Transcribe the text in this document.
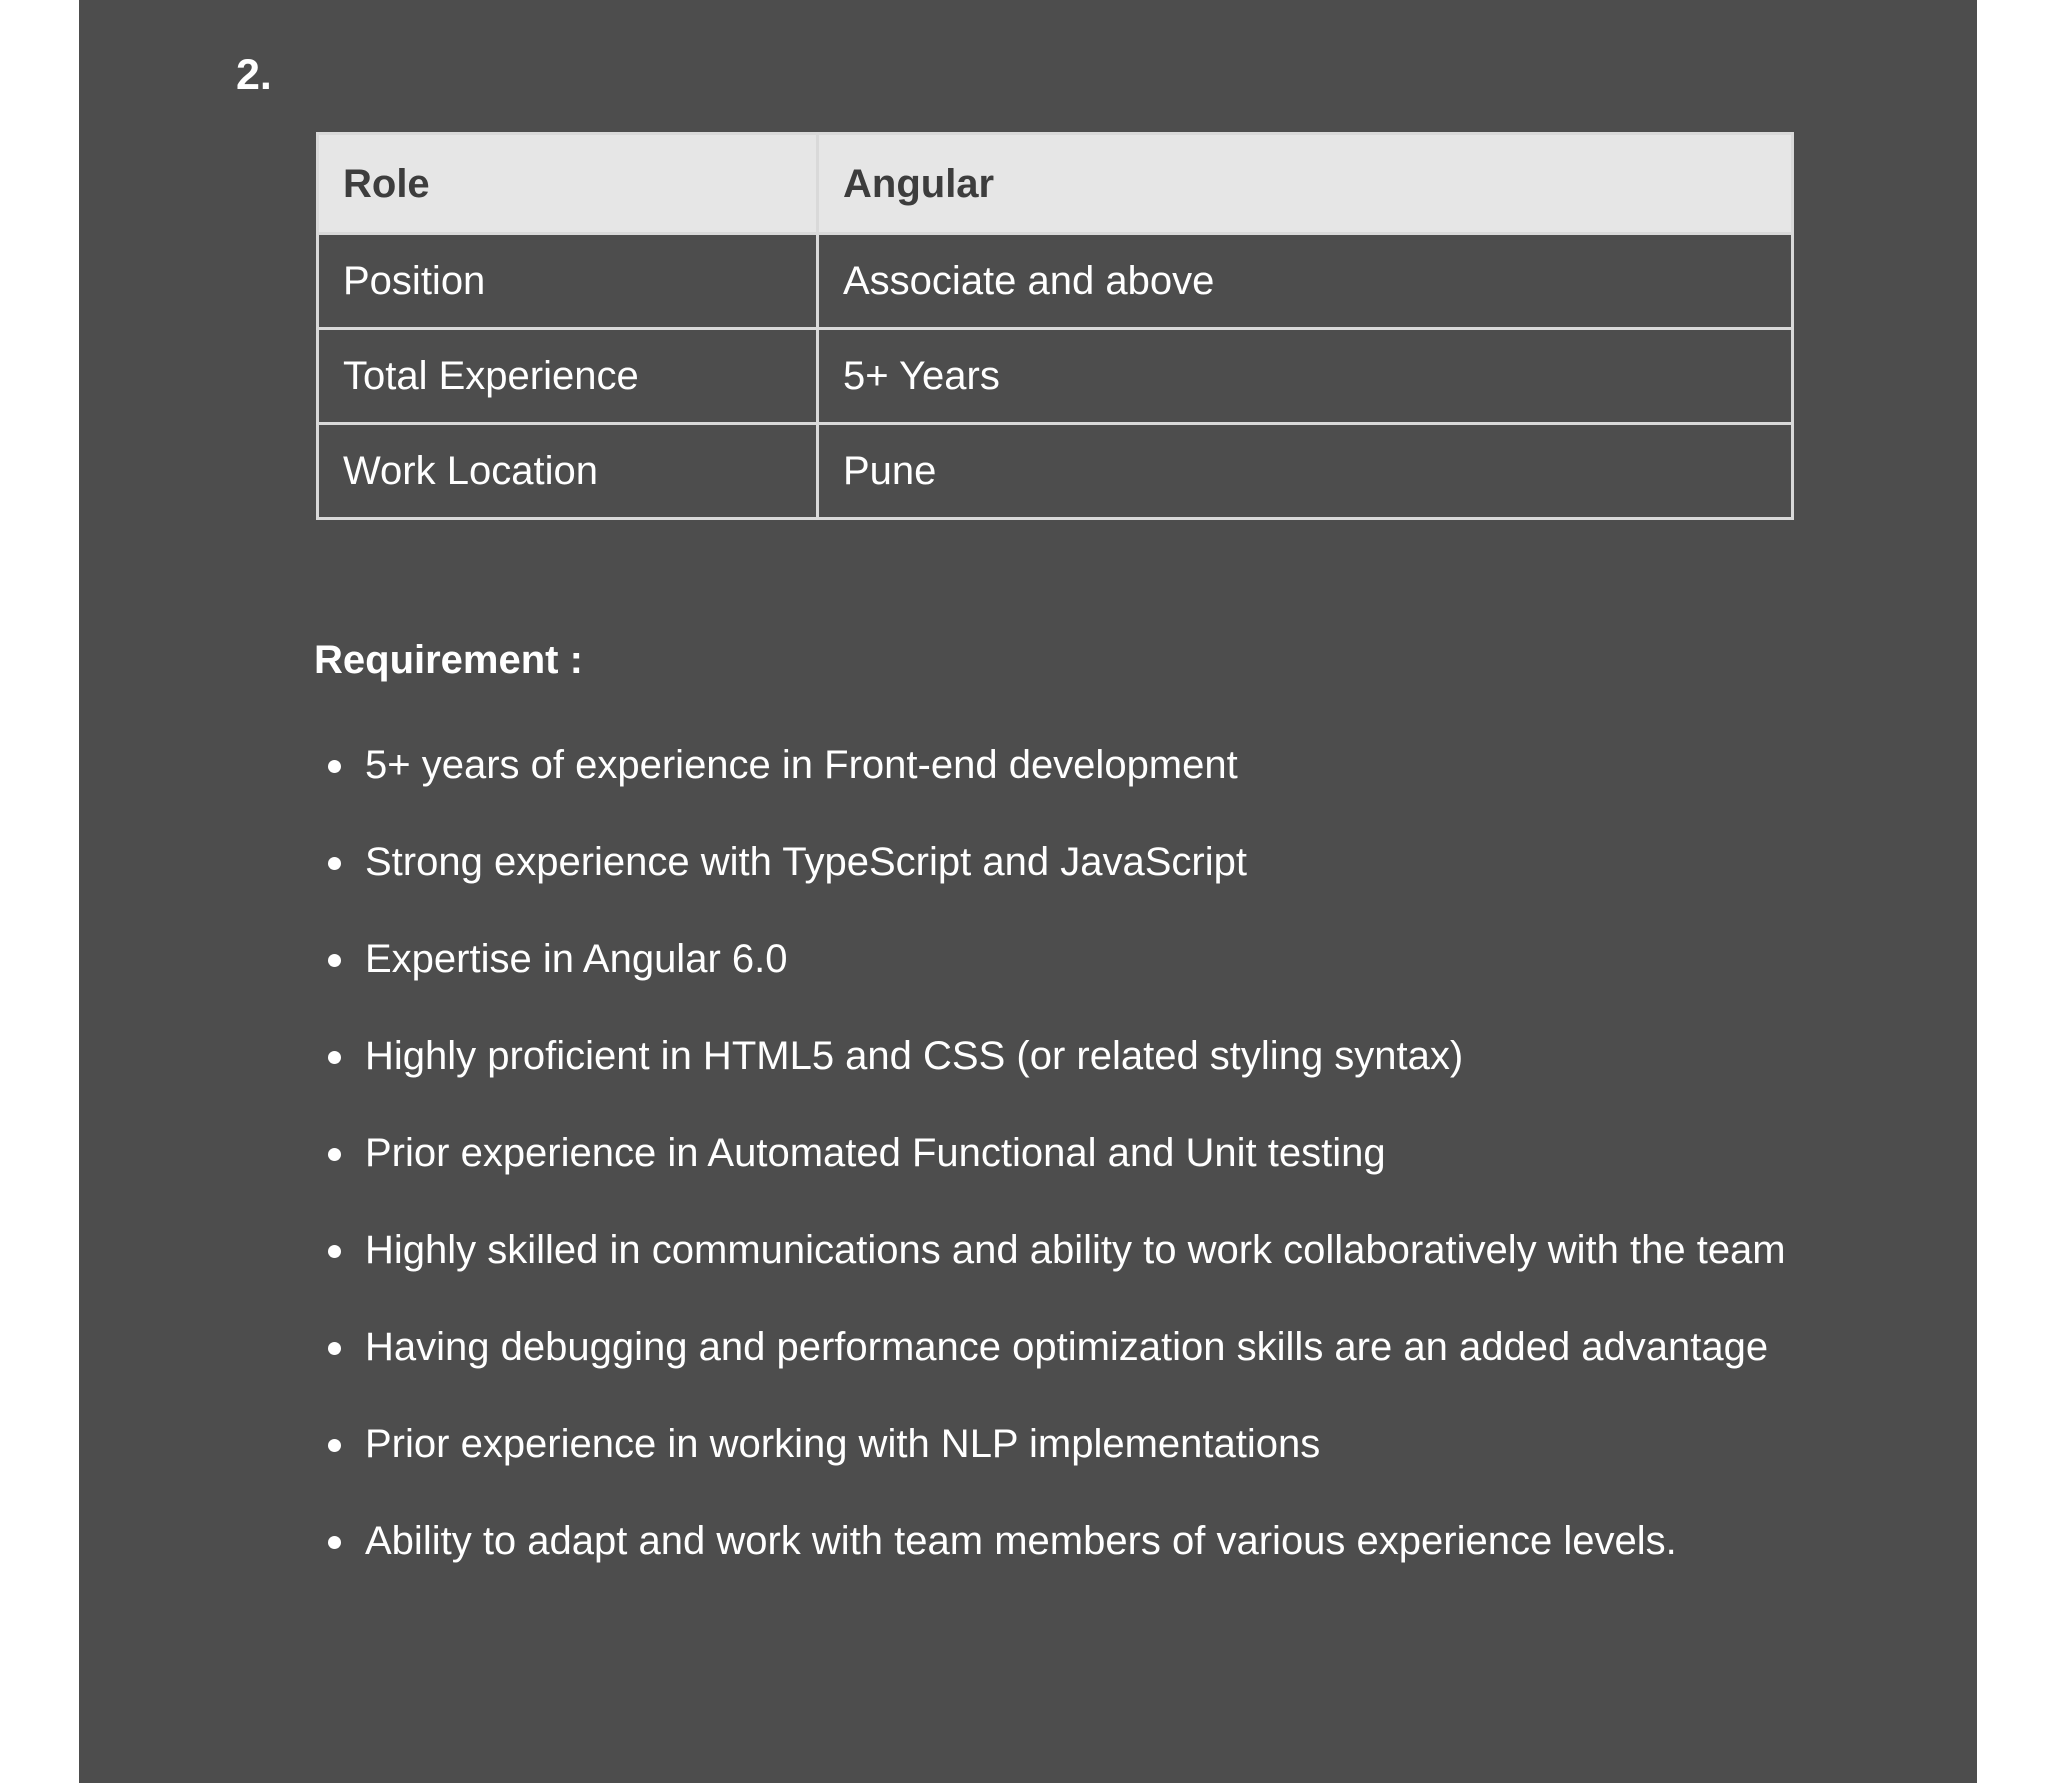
2.
Role	Angular
Position	Associate and above
Total Experience	5+ Years
Work Location	Pune
Requirement :
5+ years of experience in Front-end development
Strong experience with TypeScript and JavaScript
Expertise in Angular 6.0
Highly proficient in HTML5 and CSS (or related styling syntax)
Prior experience in Automated Functional and Unit testing
Highly skilled in communications and ability to work collaboratively with the team
Having debugging and performance optimization skills are an added advantage
Prior experience in working with NLP implementations
Ability to adapt and work with team members of various experience levels.
